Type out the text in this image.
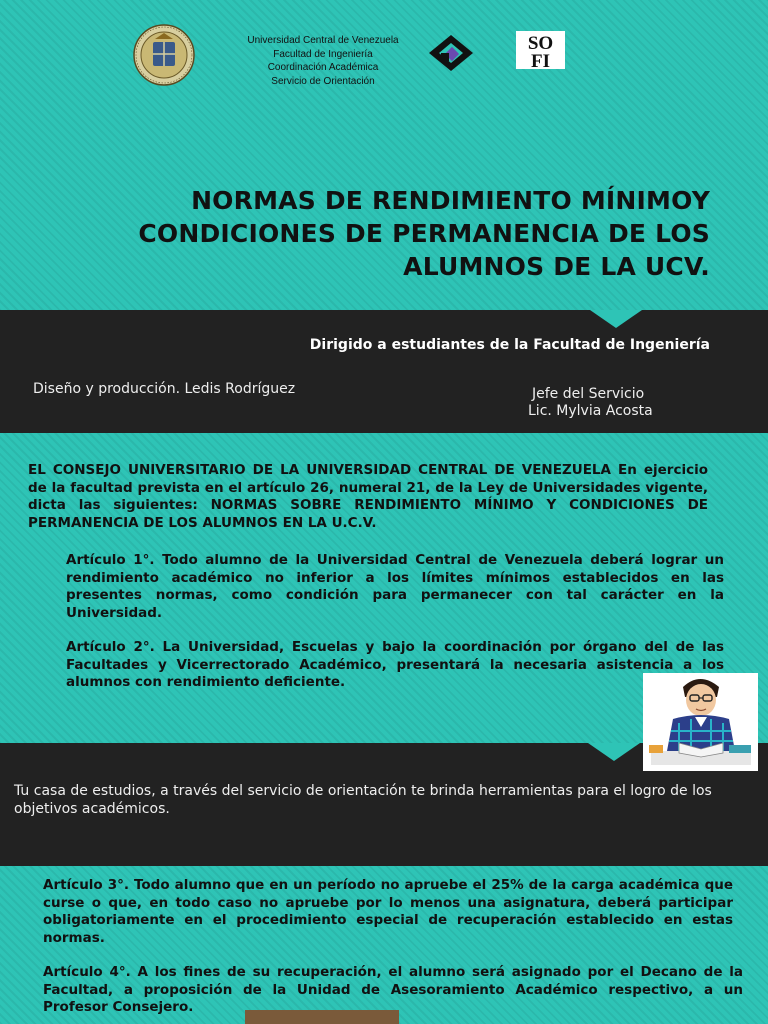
Universidad Central de Venezuela
Facultad de Ingeniería
Coordinación Académica
Servicio de Orientación
SO
FI
NORMAS DE RENDIMIENTO MÍNIMOY
CONDICIONES DE PERMANENCIA DE LOS
ALUMNOS DE LA UCV.
Dirigido a estudiantes de la Facultad de Ingeniería
Diseño y producción. Ledis Rodríguez	Jefe del Servicio
Lic. Mylvia Acosta

EL CONSEJO UNIVERSITARIO DE LA UNIVERSIDAD CENTRAL DE VENEZUELA En ejercicio de la facultad prevista en el artículo 26, numeral 21, de la Ley de Universidades vigente, dicta las siguientes: NORMAS SOBRE RENDIMIENTO MÍNIMO Y CONDICIONES DE PERMANENCIA DE LOS ALUMNOS EN LA U.C.V.

Artículo 1°. Todo alumno de la Universidad Central de Venezuela deberá lograr un rendimiento académico no inferior a los límites mínimos establecidos en las presentes normas, como condición para permanecer con tal carácter en la Universidad.

Artículo 2°. La Universidad, Escuelas y bajo la coordinación por órgano del de las Facultades y Vicerrectorado Académico, presentará la necesaria asistencia a los alumnos con rendimiento deficiente.

Tu casa de estudios, a través del servicio de orientación te brinda herramientas para el logro de los objetivos académicos.

Artículo 3°. Todo alumno que en un período no apruebe el 25% de la carga académica que curse o que, en todo caso no apruebe por lo menos una asignatura, deberá participar obligatoriamente en el procedimiento especial de recuperación establecido en estas normas.

Artículo 4°. A los fines de su recuperación, el alumno será asignado por el Decano de la Facultad, a proposición de la Unidad de Asesoramiento Académico respectivo, a un Profesor Consejero.
